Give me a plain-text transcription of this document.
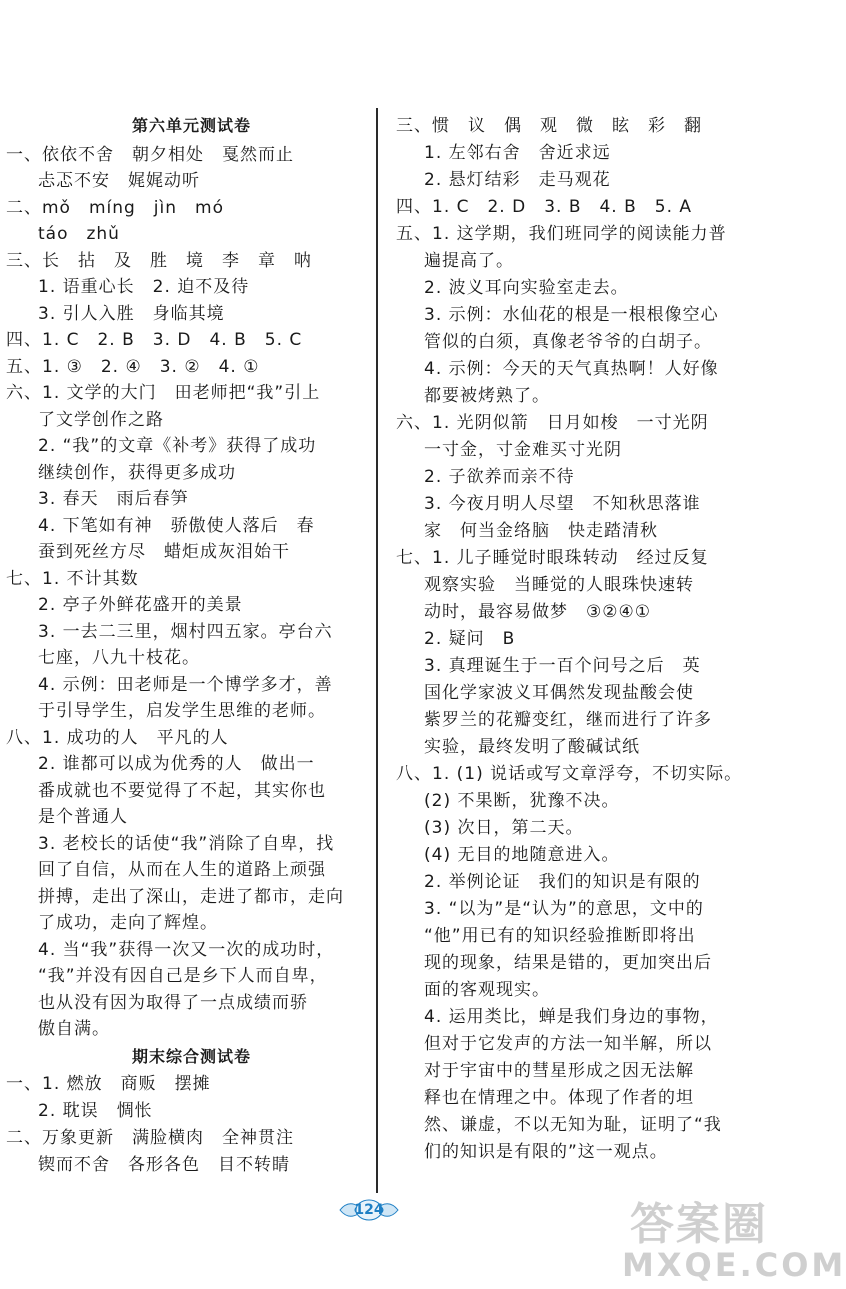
第六单元测试卷
一、依依不舍　朝夕相处　戛然而止
忐忑不安　娓娓动听
二、mǒ　míng　jìn　mó
táo　zhǔ
三、长　拈　及　胜　境　李　章　呐
1. 语重心长　2. 迫不及待
3. 引人入胜　身临其境
四、1. C　2. B　3. D　4. B　5. C
五、1. ③　2. ④　3. ②　4. ①
六、1. 文学的大门　田老师把“我”引上
了文学创作之路
2. “我”的文章《补考》获得了成功
继续创作，获得更多成功
3. 春天　雨后春笋
4. 下笔如有神　骄傲使人落后　春
蚕到死丝方尽　蜡炬成灰泪始干
七、1. 不计其数
2. 亭子外鲜花盛开的美景
3. 一去二三里，烟村四五家。亭台六
七座，八九十枝花。
4. 示例：田老师是一个博学多才，善
于引导学生，启发学生思维的老师。
八、1. 成功的人　平凡的人
2. 谁都可以成为优秀的人　做出一
番成就也不要觉得了不起，其实你也
是个普通人
3. 老校长的话使“我”消除了自卑，找
回了自信，从而在人生的道路上顽强
拼搏，走出了深山，走进了都市，走向
了成功，走向了辉煌。
4. 当“我”获得一次又一次的成功时，
“我”并没有因自己是乡下人而自卑，
也从没有因为取得了一点成绩而骄
傲自满。
期末综合测试卷
一、1. 燃放　商贩　摆摊
2. 耽误　惆怅
二、万象更新　满脸横肉　全神贯注
锲而不舍　各形各色　目不转睛
三、惯　议　偶　观　微　眩　彩　翻
1. 左邻右舍　舍近求远
2. 悬灯结彩　走马观花
四、1. C　2. D　3. B　4. B　5. A
五、1. 这学期，我们班同学的阅读能力普
遍提高了。
2. 波义耳向实验室走去。
3. 示例：水仙花的根是一根根像空心
管似的白须，真像老爷爷的白胡子。
4. 示例：今天的天气真热啊！人好像
都要被烤熟了。
六、1. 光阴似箭　日月如梭　一寸光阴
一寸金，寸金难买寸光阴
2. 子欲养而亲不待
3. 今夜月明人尽望　不知秋思落谁
家　何当金络脑　快走踏清秋
七、1. 儿子睡觉时眼珠转动　经过反复
观察实验　当睡觉的人眼珠快速转
动时，最容易做梦　③②④①
2. 疑问　B
3. 真理诞生于一百个问号之后　英
国化学家波义耳偶然发现盐酸会使
紫罗兰的花瓣变红，继而进行了许多
实验，最终发明了酸碱试纸
八、1. (1) 说话或写文章浮夸，不切实际。
(2) 不果断，犹豫不决。
(3) 次日，第二天。
(4) 无目的地随意进入。
2. 举例论证　我们的知识是有限的
3. “以为”是“认为”的意思，文中的
“他”用已有的知识经验推断即将出
现的现象，结果是错的，更加突出后
面的客观现实。
4. 运用类比，蝉是我们身边的事物，
但对于它发声的方法一知半解，所以
对于宇宙中的彗星形成之因无法解
释也在情理之中。体现了作者的坦
然、谦虚，不以无知为耻，证明了“我
们的知识是有限的”这一观点。
124	答案圈
MXQE.COM
